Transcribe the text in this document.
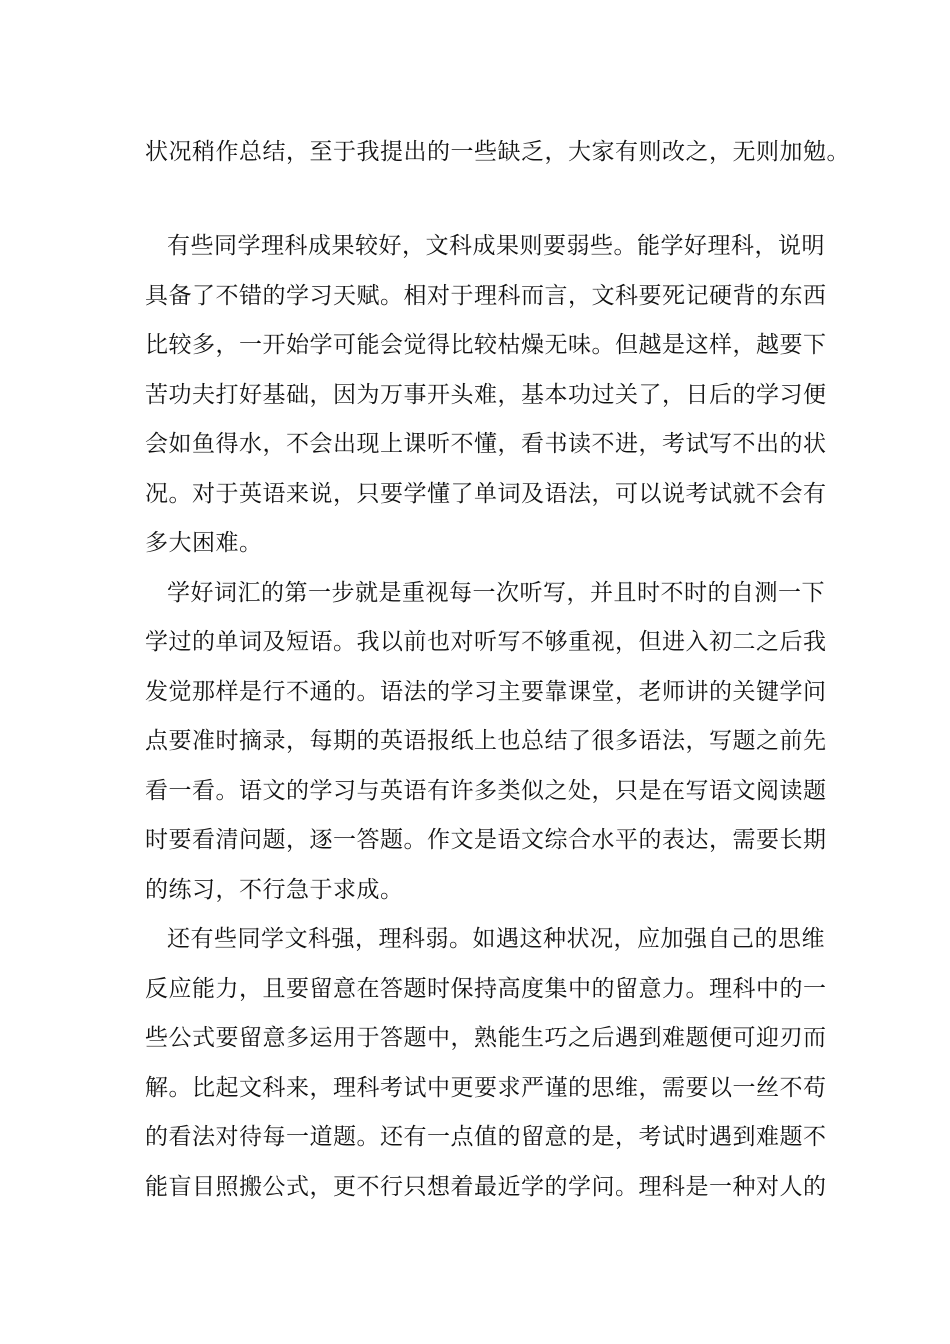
状况稍作总结，至于我提出的一些缺乏，大家有则改之，无则加勉。
有些同学理科成果较好，文科成果则要弱些。能学好理科，说明
具备了不错的学习天赋。相对于理科而言，文科要死记硬背的东西
比较多，一开始学可能会觉得比较枯燥无味。但越是这样，越要下
苦功夫打好基础，因为万事开头难，基本功过关了，日后的学习便
会如鱼得水，不会出现上课听不懂，看书读不进，考试写不出的状
况。对于英语来说，只要学懂了单词及语法，可以说考试就不会有
多大困难。
学好词汇的第一步就是重视每一次听写，并且时不时的自测一下
学过的单词及短语。我以前也对听写不够重视，但进入初二之后我
发觉那样是行不通的。语法的学习主要靠课堂，老师讲的关键学问
点要准时摘录，每期的英语报纸上也总结了很多语法，写题之前先
看一看。语文的学习与英语有许多类似之处，只是在写语文阅读题
时要看清问题，逐一答题。作文是语文综合水平的表达，需要长期
的练习，不行急于求成。
还有些同学文科强，理科弱。如遇这种状况，应加强自己的思维
反应能力，且要留意在答题时保持高度集中的留意力。理科中的一
些公式要留意多运用于答题中，熟能生巧之后遇到难题便可迎刃而
解。比起文科来，理科考试中更要求严谨的思维，需要以一丝不苟
的看法对待每一道题。还有一点值的留意的是，考试时遇到难题不
能盲目照搬公式，更不行只想着最近学的学问。理科是一种对人的
